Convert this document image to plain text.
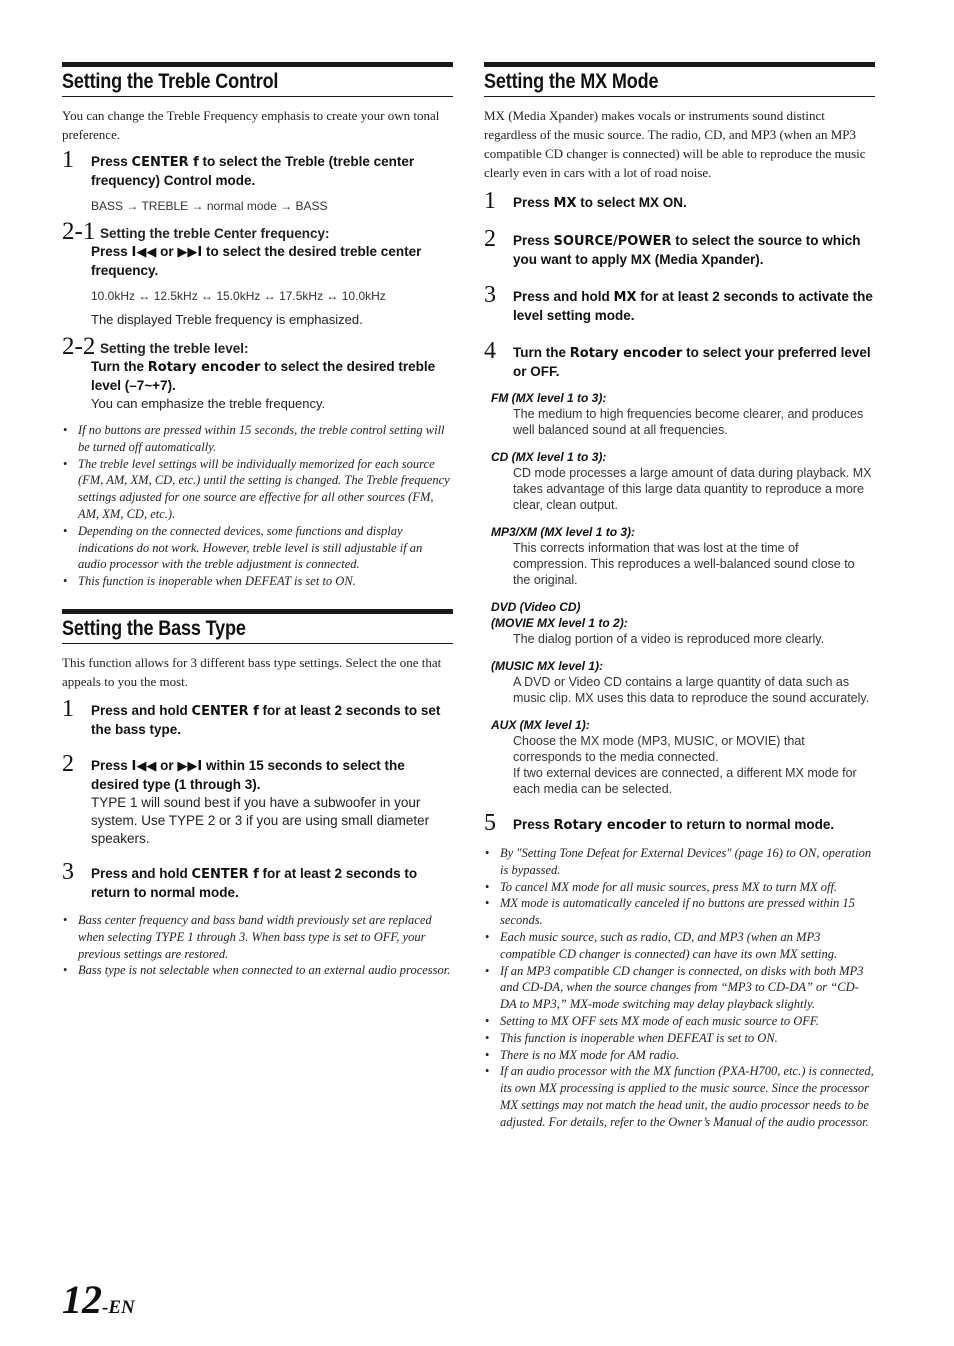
Setting the Treble Control

You can change the Treble Frequency emphasis to create your own tonal preference.

1 Press CENTER f to select the Treble (treble center frequency) Control mode.
BASS → TREBLE → normal mode → BASS
2-1 Setting the treble Center frequency:
Press I◀◀ or ▶▶I to select the desired treble center frequency.
10.0kHz ↔ 12.5kHz ↔ 15.0kHz ↔ 17.5kHz ↔ 10.0kHz
The displayed Treble frequency is emphasized.
2-2 Setting the treble level:
Turn the Rotary encoder to select the desired treble level (–7~+7).
You can emphasize the treble frequency.
• If no buttons are pressed within 15 seconds, the treble control setting will be turned off automatically.
• The treble level settings will be individually memorized for each source (FM, AM, XM, CD, etc.) until the setting is changed. The Treble frequency settings adjusted for one source are effective for all other sources (FM, AM, XM, CD, etc.).
• Depending on the connected devices, some functions and display indications do not work. However, treble level is still adjustable if an audio processor with the treble adjustment is connected.
• This function is inoperable when DEFEAT is set to ON.
Setting the Bass Type

This function allows for 3 different bass type settings. Select the one that appeals to you the most.

1 Press and hold CENTER f for at least 2 seconds to set the bass type.
2 Press I◀◀ or ▶▶I within 15 seconds to select the desired type (1 through 3).
TYPE 1 will sound best if you have a subwoofer in your system. Use TYPE 2 or 3 if you are using small diameter speakers.
3 Press and hold CENTER f for at least 2 seconds to return to normal mode.
• Bass center frequency and bass band width previously set are replaced when selecting TYPE 1 through 3. When bass type is set to OFF, your previous settings are restored.
• Bass type is not selectable when connected to an external audio processor.
Setting the MX Mode

MX (Media Xpander) makes vocals or instruments sound distinct regardless of the music source. The radio, CD, and MP3 (when an MP3 compatible CD changer is connected) will be able to reproduce the music clearly even in cars with a lot of road noise.

1 Press MX to select MX ON.
2 Press SOURCE/POWER to select the source to which you want to apply MX (Media Xpander).
3 Press and hold MX for at least 2 seconds to activate the level setting mode.
4 Turn the Rotary encoder to select your preferred level or OFF.
FM (MX level 1 to 3):
The medium to high frequencies become clearer, and produces well balanced sound at all frequencies.
CD (MX level 1 to 3):
CD mode processes a large amount of data during playback. MX takes advantage of this large data quantity to reproduce a more clear, clean output.
MP3/XM (MX level 1 to 3):
This corrects information that was lost at the time of compression. This reproduces a well-balanced sound close to the original.
DVD (Video CD)
(MOVIE MX level 1 to 2):
The dialog portion of a video is reproduced more clearly.
(MUSIC MX level 1):
A DVD or Video CD contains a large quantity of data such as music clip. MX uses this data to reproduce the sound accurately.
AUX (MX level 1):
Choose the MX mode (MP3, MUSIC, or MOVIE) that corresponds to the media connected.
If two external devices are connected, a different MX mode for each media can be selected.
5 Press Rotary encoder to return to normal mode.
• By "Setting Tone Defeat for External Devices" (page 16) to ON, operation is bypassed.
• To cancel MX mode for all music sources, press MX to turn MX off.
• MX mode is automatically canceled if no buttons are pressed within 15 seconds.
• Each music source, such as radio, CD, and MP3 (when an MP3 compatible CD changer is connected) can have its own MX setting.
• If an MP3 compatible CD changer is connected, on disks with both MP3 and CD-DA, when the source changes from “MP3 to CD-DA” or “CD-DA to MP3,” MX-mode switching may delay playback slightly.
• Setting to MX OFF sets MX mode of each music source to OFF.
• This function is inoperable when DEFEAT is set to ON.
• There is no MX mode for AM radio.
• If an audio processor with the MX function (PXA-H700, etc.) is connected, its own MX processing is applied to the music source. Since the processor MX settings may not match the head unit, the audio processor needs to be adjusted. For details, refer to the Owner’s Manual of the audio processor.
12-EN
